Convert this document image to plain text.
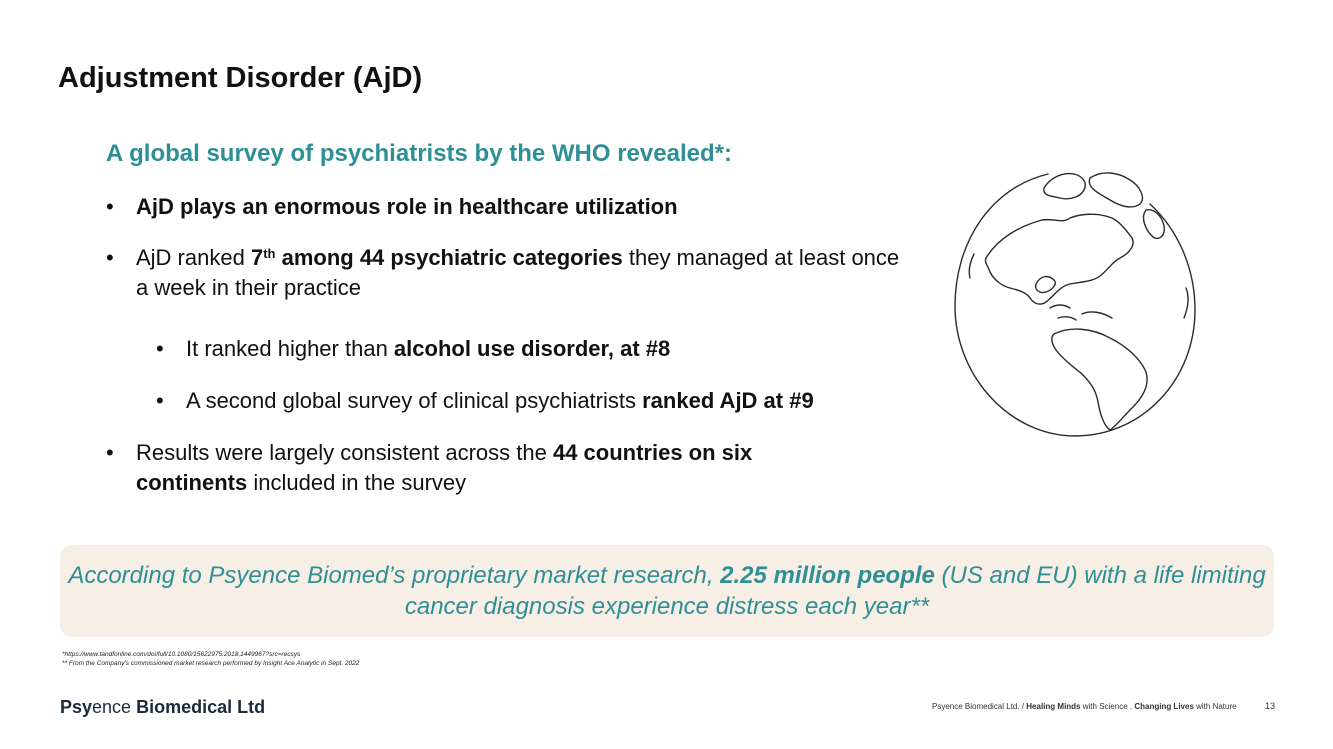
Adjustment Disorder (AjD)
A global survey of psychiatrists by the WHO revealed*:
•	AjD plays an enormous role in healthcare utilization
•	AjD ranked 7th among 44 psychiatric categories they managed at least once a week in their practice
•	It ranked higher than alcohol use disorder, at #8
•	A second global survey of clinical psychiatrists ranked AjD at #9
•	Results were largely consistent across the 44 countries on six continents included in the survey

According to Psyence Biomed’s proprietary market research, 2.25 million people (US and EU) with a life limiting cancer diagnosis experience distress each year**

*https://www.tandfonline.com/doi/full/10.1080/15622975.2018.1449967?src=recsys
** From the Company's commissioned market research performed by Insight Ace Analytic in Sept. 2022
Psyence Biomedical Ltd	Psyence Biomedical Ltd. / Healing Minds with Science . Changing Lives with Nature	13
